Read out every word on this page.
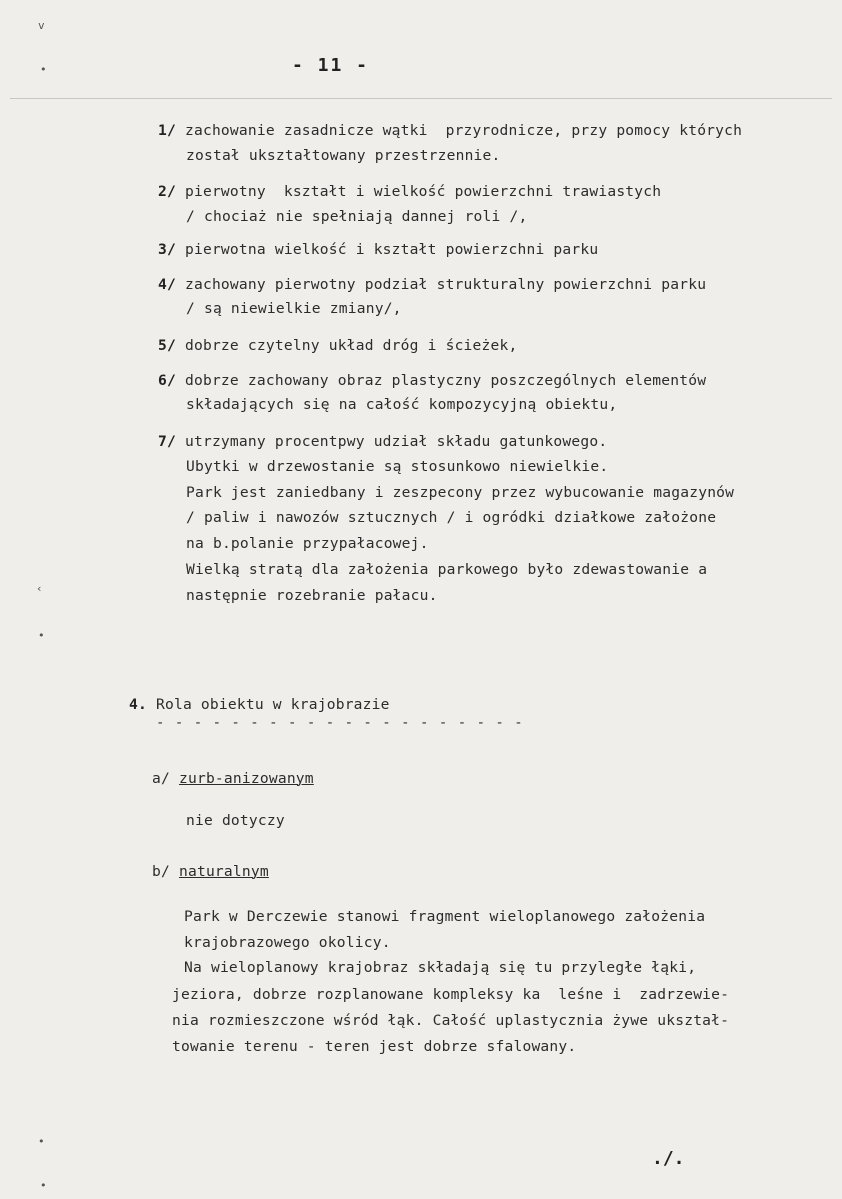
v
•
‹
•
•
•
- 11 -
1/ zachowanie zasadnicze wątki  przyrodnicze, przy pomocy których
został ukształtowany przestrzennie.
2/ pierwotny  kształt i wielkość powierzchni trawiastych
/ chociaż nie spełniają dannej roli /,
3/ pierwotna wielkość i kształt powierzchni parku
4/ zachowany pierwotny podział strukturalny powierzchni parku
/ są niewielkie zmiany/,
5/ dobrze czytelny układ dróg i ścieżek,
6/ dobrze zachowany obraz plastyczny poszczególnych elementów
składających się na całość kompozycyjną obiektu,
7/ utrzymany procentpwy udział składu gatunkowego.
Ubytki w drzewostanie są stosunkowo niewielkie.
Park jest zaniedbany i zeszpecony przez wybucowanie magazynów
/ paliw i nawozów sztucznych / i ogródki działkowe założone
na b.polanie przypałacowej.
Wielką stratą dla założenia parkowego było zdewastowanie a
następnie rozebranie pałacu.
4. Rola obiektu w krajobrazie
- - - - - - - - - - - - - - - - - - - -
a/ zurb-anizowanym
nie dotyczy
b/ naturalnym
Park w Derczewie stanowi fragment wieloplanowego założenia
krajobrazowego okolicy.
Na wieloplanowy krajobraz składają się tu przyległe łąki,
jeziora, dobrze rozplanowane kompleksy ka  leśne i  zadrzewie-
nia rozmieszczone wśród łąk. Całość uplastycznia żywe ukształ-
towanie terenu - teren jest dobrze sfalowany.
./.
